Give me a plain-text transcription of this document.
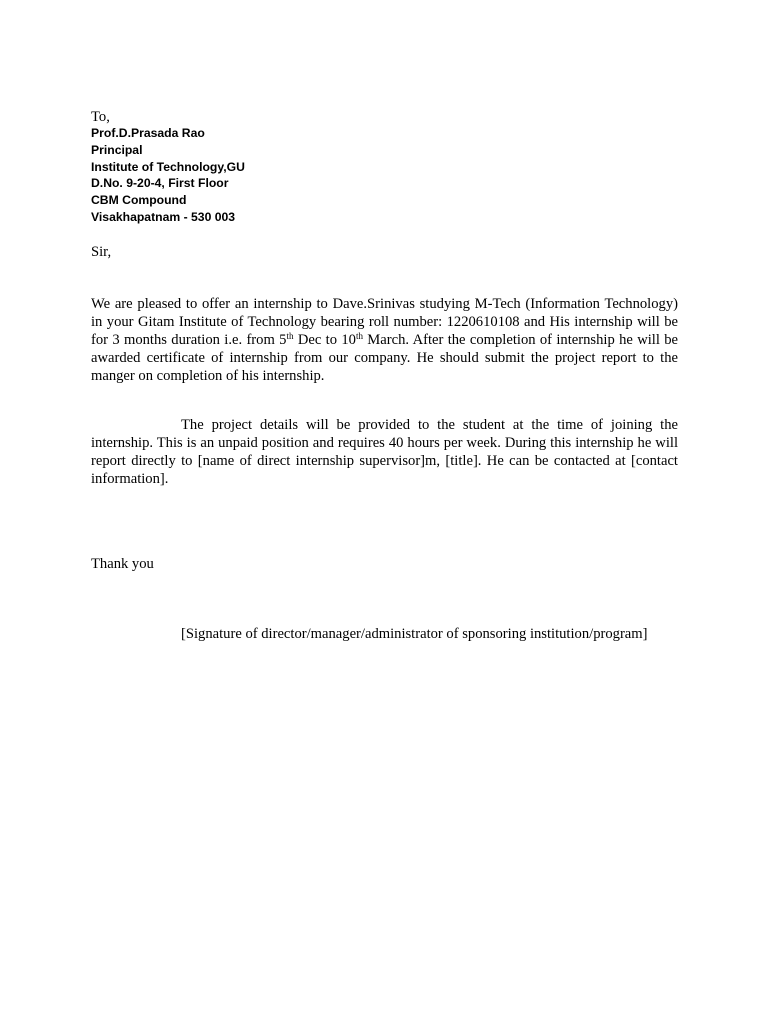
To,
Prof.D.Prasada Rao
Principal
Institute of Technology,GU
D.No. 9-20-4, First Floor
CBM Compound
Visakhapatnam - 530 003
Sir,
We are pleased to offer an internship to Dave.Srinivas studying M-Tech (Information Technology) in your Gitam Institute of Technology bearing roll number: 1220610108 and His internship will be for 3 months duration i.e. from 5th Dec to 10th March. After the completion of internship he will be awarded certificate of internship from our company. He should submit the project report to the manger on completion of his internship.
The project details will be provided to the student at the time of joining the internship. This is an unpaid position and requires 40 hours per week. During this internship he will report directly to [name of direct internship supervisor]m, [title]. He can be contacted at [contact information].
Thank you
[Signature of director/manager/administrator of sponsoring institution/program]
